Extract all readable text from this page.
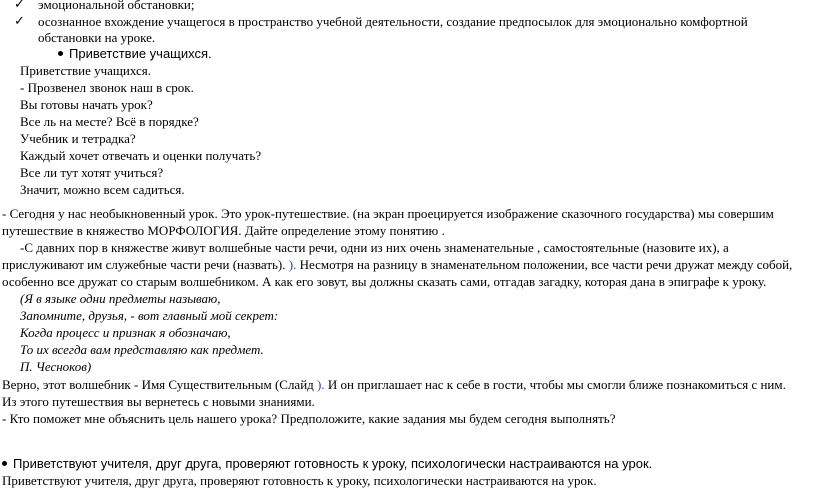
✓ эмоциональной обстановки;
✓ осознанное вхождение учащегося в пространство учебной деятельности, создание предпосылок для эмоционально комфортной
обстановки на уроке.
Приветствие учащихся.
Приветствие учащихся.
- Прозвенел звонок наш в срок.
Вы готовы начать урок?
Все ль на месте? Всё в порядке?
Учебник и тетрадка?
Каждый хочет отвечать и оценки получать?
Все ли тут хотят учиться?
Значит, можно всем садиться.
- Сегодня у нас необыкновенный урок. Это урок-путешествие. (на экран проецируется изображение сказочного государства) мы совершим
путешествие в княжество МОРФОЛОГИЯ. Дайте определение этому понятию .
-С давних пор в княжестве живут волшебные части речи, одни из них очень знаменательные , самостоятельные (назовите их), а
прислуживают им служебные части речи (назвать). ). Несмотря на разницу в знаменательном положении, все части речи дружат между собой,
особенно все дружат со старым волшебником. А как его зовут, вы должны сказать сами, отгадав загадку, которая дана в эпиграфе к уроку.
(Я в языке одни предметы называю,
Запомните, друзья, - вот главный мой секрет:
Когда процесс и признак я обозначаю,
То их всегда вам представляю как предмет.
П. Чесноков)
Верно, этот волшебник - Имя Существительным (Слайд ). И он приглашает нас к себе в гости, чтобы мы смогли ближе познакомиться с ним.
Из этого путешествия вы вернетесь с новыми знаниями.
- Кто поможет мне объяснить цель нашего урока? Предположите, какие задания мы будем сегодня выполнять?
Приветствуют учителя, друг друга, проверяют готовность к уроку, психологически настраиваются на урок.
Приветствуют учителя, друг друга, проверяют готовность к уроку, психологически настраиваются на урок.
